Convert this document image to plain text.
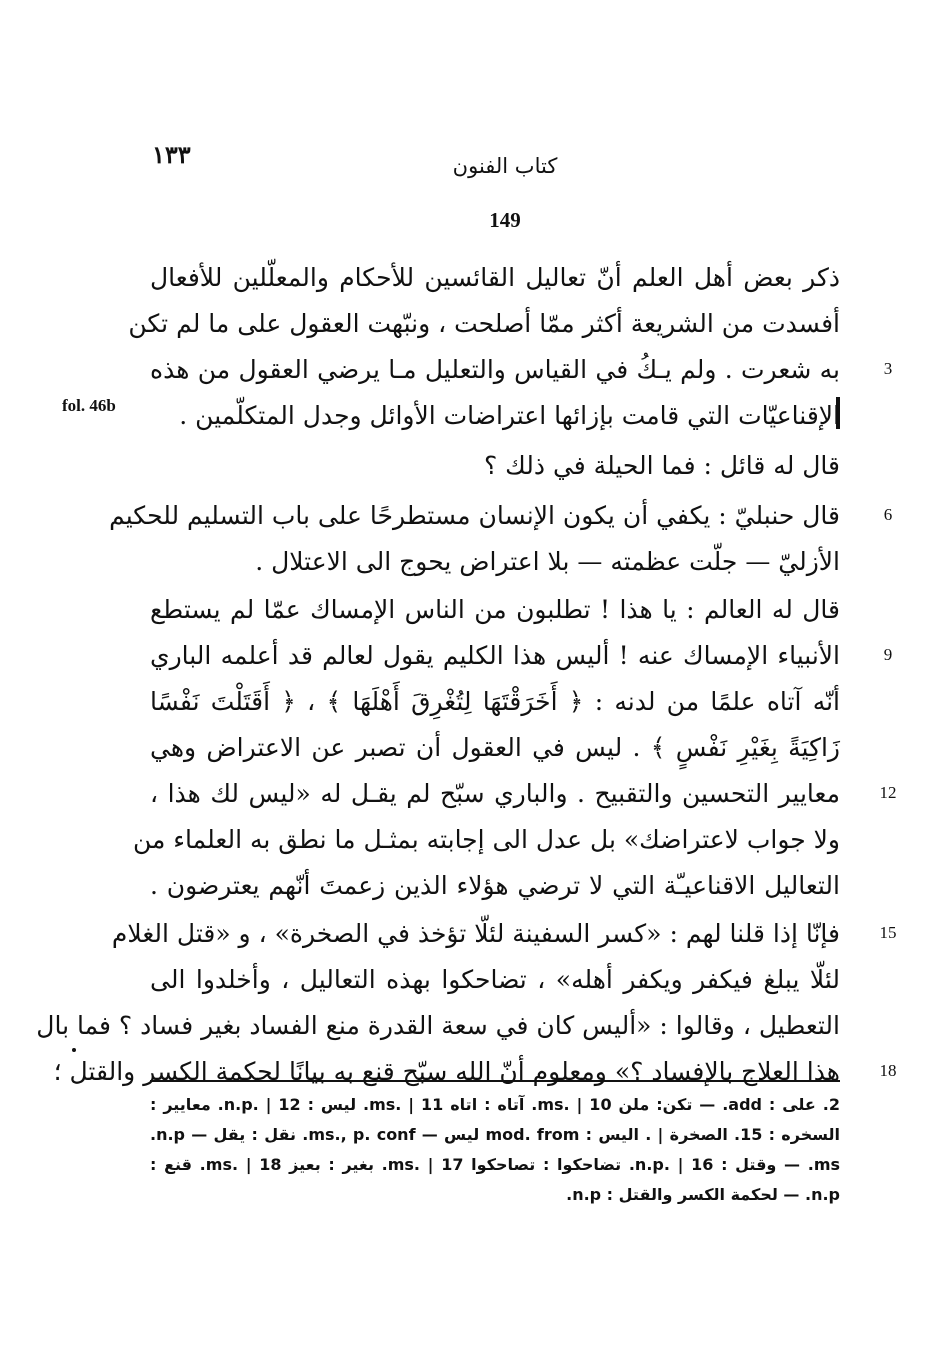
١٣٣	كتاب الفنون
149
fol. 46b
ذكر بعض أهل العلم أنّ تعاليل القائسين للأحكام والمعلّلين للأفعال
أفسدت من الشريعة أكثر ممّا أصلحت ، ونبّهت العقول على ما لم تكن
به شعرت . ولم يـكُ في القياس والتعليل مـا يرضي العقول من هذه	3
الإقناعيّات التي قامت بإزائها اعتراضات الأوائل وجدل المتكلّمين .
قال له قائل : فما الحيلة في ذلك ؟
قال حنبليّ : يكفي أن يكون الإنسان مستطرحًا على باب التسليم للحكيم	6
الأزليّ — جلّت عظمته — بلا اعتراض يحوج الى الاعتلال .
قال له العالم : يا هذا ! تطلبون من الناس الإمساك عمّا لم يستطع
الأنبياء الإمساك عنه ! أليس هذا الكليم يقول لعالم قد أعلمه الباري	9
أنّه آتاه علمًا من لدنه : ﴿ أَخَرَقْتَهَا لِتُغْرِقَ أَهْلَهَا ﴾ ، ﴿ أَقَتَلْتَ نَفْسًا
زَاكِيَةً بِغَيْرِ نَفْسٍ ﴾ . ليس في العقول أن تصبر عن الاعتراض وهي
معايير التحسين والتقبيح . والباري سبّح لم يقـل له «ليس لك هذا ،	12
ولا جواب لاعتراضك» بل عدل الى إجابته بمثـل ما نطق به العلماء من
التعاليل الاقناعيـّة التي لا ترضي هؤلاء الذين زعمتَ أنّهم يعترضون .
فإنّا إذا قلنا لهم : «كسر السفينة لئلّا تؤخذ في الصخرة» ، و «قتل الغلام	15
لئلّا يبلغ فيكفر ويكفر أهله» ، تضاحكوا بهذه التعاليل ، وأخلدوا الى
التعطيل ، وقالوا : «أليس كان في سعة القدرة منع الفساد بغير فساد ؟ فما بال
هذا العلاج بالإفساد ؟» ومعلوم أنّ الله سبّح قنع به بيانًا لحكمة الكسر والقتل ؛	18
2. على : add. — تكن: ملن ms. | 10. آتاه : اتاه ms. | 11. ليس : n.p. | 12. معايير :
السخره : 15. الصخرة | . اليس : mod. from ليس — ms., p. conf. نقل : يقل — n.p.
ms. — وقتل : n.p. | 16. تضاحكوا : تصاحكوا ms. | 17. بغير : بعيز ms. | 18. قنع :
n.p. — لحكمة الكسر والقتل : n.p.
